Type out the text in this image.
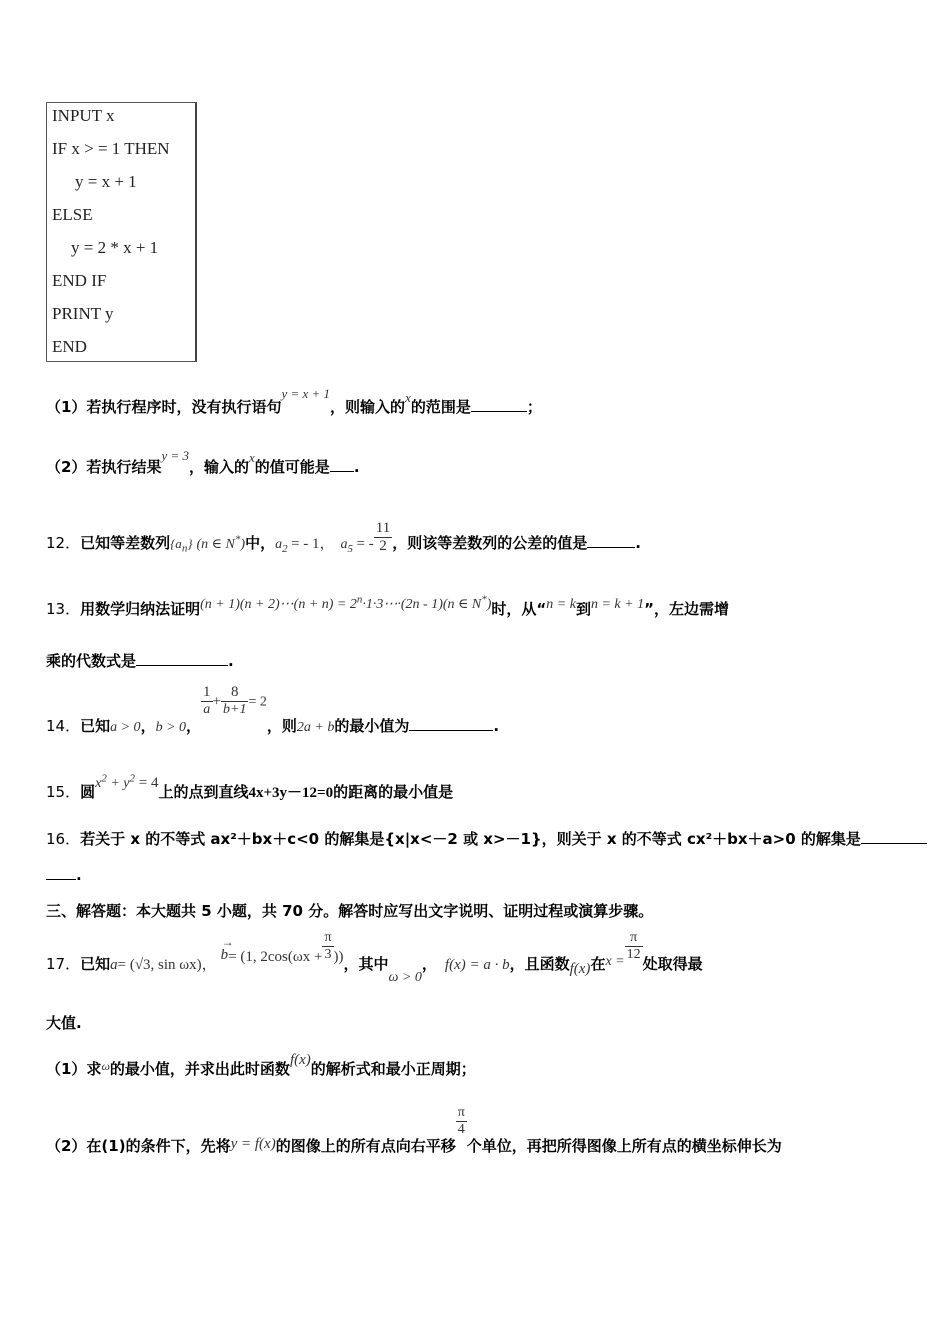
INPUT x
IF x > = 1 THEN
y = x + 1
ELSE
y = 2 * x + 1
END IF
PRINT y
END
（1）若执行程序时，没有执行语句y = x + 1，则输入的x的范围是	；
（2）若执行结果y = 3，输入的x的值可能是 .
12．已知等差数列$\{a_n\}$ (n ∈ N*)中，$a_2$ = - 1， $a_5$ = - $\frac{11}{2}$ ，则该等差数列的公差的值是	.
13．用数学归纳法证明(n + 1)(n + 2)⋯(n + $n) = 2^n\cdot 1\cdot 3\cdots\cdot(2n - 1)(n$ ∈ N*)时，从“n = k到n = k + 1”，左边需增
乘的代数式是	.
14．已知a > 0，b > 0，
$\frac{1}{a} + \frac{8}{b+1} = 2$，则2a + b的最小值为	.
15．圆$x^2 + y^2 = 4$上的点到直线4x+3y－12=0的距离的最小值是
16．若关于 x 的不等式 ax²＋bx＋c<0 的解集是{x|x<－2 或 x>－1}，则关于 x 的不等式 cx²＋bx＋a>0 的解集是
.
三、解答题：本大题共 5 小题，共 70 分。解答时应写出文字说明、证明过程或演算步骤。
17．已知a= (√3, sin ωx)，
→
b= (1, $2\cos(\omega x + \frac{\pi}{3}$ ))，其中ω > 0， f(x) = a · b，且函数f(x)在$x = \frac{\pi}{12}$
处取得最
大值.
（1）求$^\omega$的最小值，并求出此时函数f(x)的解析式和最小正周期；
（2）在(1)的条件下，先将y = f(x)的图像上的所有点向右平移
$\frac{\pi}{4}$
个单位，再把所得图像上所有点的横坐标伸长为
